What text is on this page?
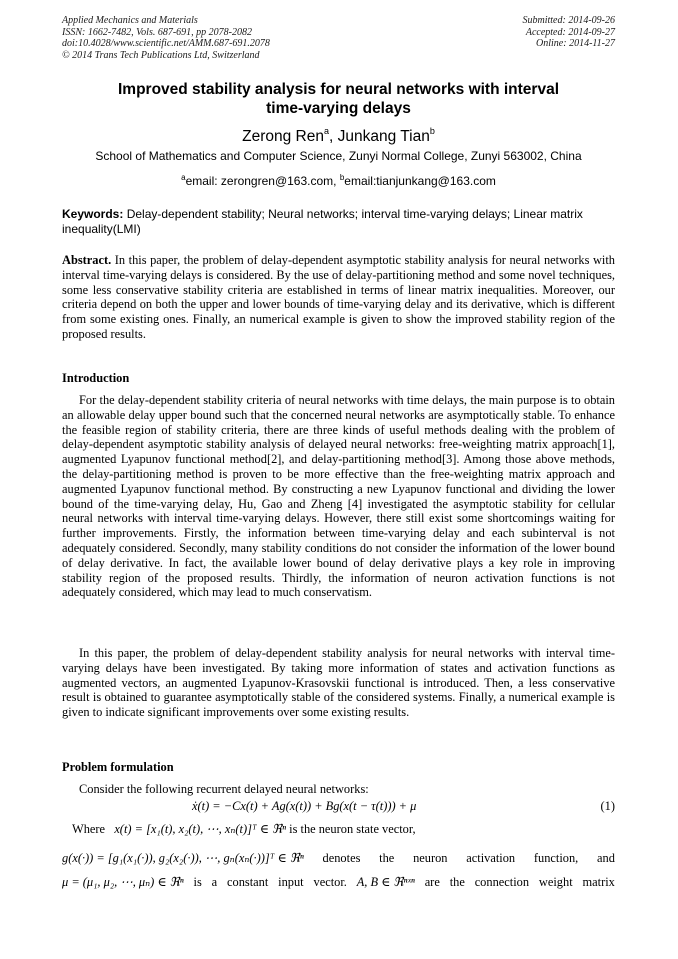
Applied Mechanics and Materials
ISSN: 1662-7482, Vols. 687-691, pp 2078-2082
doi:10.4028/www.scientific.net/AMM.687-691.2078
© 2014 Trans Tech Publications Ltd, Switzerland
Submitted: 2014-09-26
Accepted: 2014-09-27
Online: 2014-11-27
Improved stability analysis for neural networks with interval
time-varying delays
Zerong Ren$^a$, Junkang Tian$^b$
School of Mathematics and Computer Science, Zunyi Normal College, Zunyi 563002, China
$^a$email: zerongren@163.com, $^b$email:tianjunkang@163.com
Keywords: Delay-dependent stability; Neural networks; interval time-varying delays; Linear matrix inequality(LMI)
Abstract. In this paper, the problem of delay-dependent asymptotic stability analysis for neural networks with interval time-varying delays is considered. By the use of delay-partitioning method and some novel techniques, some less conservative stability criteria are established in terms of linear matrix inequalities. Moreover, our criteria depend on both the upper and lower bounds of time-varying delay and its derivative, which is different from some existing ones. Finally, an numerical example is given to show the improved stability region of the proposed results.
Introduction
For the delay-dependent stability criteria of neural networks with time delays, the main purpose is to obtain an allowable delay upper bound such that the concerned neural networks are asymptotically stable. To enhance the feasible region of stability criteria, there are three kinds of useful methods dealing with the problem of delay-dependent asymptotic stability analysis of delayed neural networks: free-weighting matrix approach[1], augmented Lyapunov functional method[2], and delay-partitioning method[3]. Among those above methods, the delay-partitioning method is proven to be more effective than the free-weighting matrix approach and augmented Lyapunov functional method. By constructing a new Lyapunov functional and dividing the lower bound of the time-varying delay, Hu, Gao and Zheng [4] investigated the asymptotic stability for cellular neural networks with interval time-varying delays. However, there still exist some shortcomings waiting for further improvements. Firstly, the information between time-varying delay and each subinterval is not adequately considered. Secondly, many stability conditions do not consider the information of the lower bound of delay derivative. In fact, the available lower bound of delay derivative plays a key role in improving stability region of the proposed results. Thirdly, the information of neuron activation functions is not adequately considered, which may lead to much conservatism.
In this paper, the problem of delay-dependent stability analysis for neural networks with interval time- varying delays have been investigated. By taking more information of states and activation functions as augmented vectors, an augmented Lyapunov-Krasovskii functional is introduced. Then, a less conservative result is obtained to guarantee asymptotically stable of the considered systems. Finally, a numerical example is given to indicate significant improvements over some existing results.
Problem formulation
Consider the following recurrent delayed neural networks:
ẋ(t) = −Cx(t) + Ag(x(t)) + Bg(x(t − τ(t))) + μ	(1)
Where x(t) = [x₁(t), x₂(t), ⋯, xₙ(t)]ᵀ ∈ ℜⁿ is the neuron state vector,
g(x(·)) = [g₁(x₁(·)), g₂(x₂(·)), ⋯, gₙ(xₙ(·))]ᵀ ∈ ℜⁿ denotes the neuron activation function, and
μ = (μ₁, μ₂, ⋯, μₙ) ∈ ℜⁿ is a constant input vector. A, B ∈ ℜⁿˣⁿ are the connection weight matrix
